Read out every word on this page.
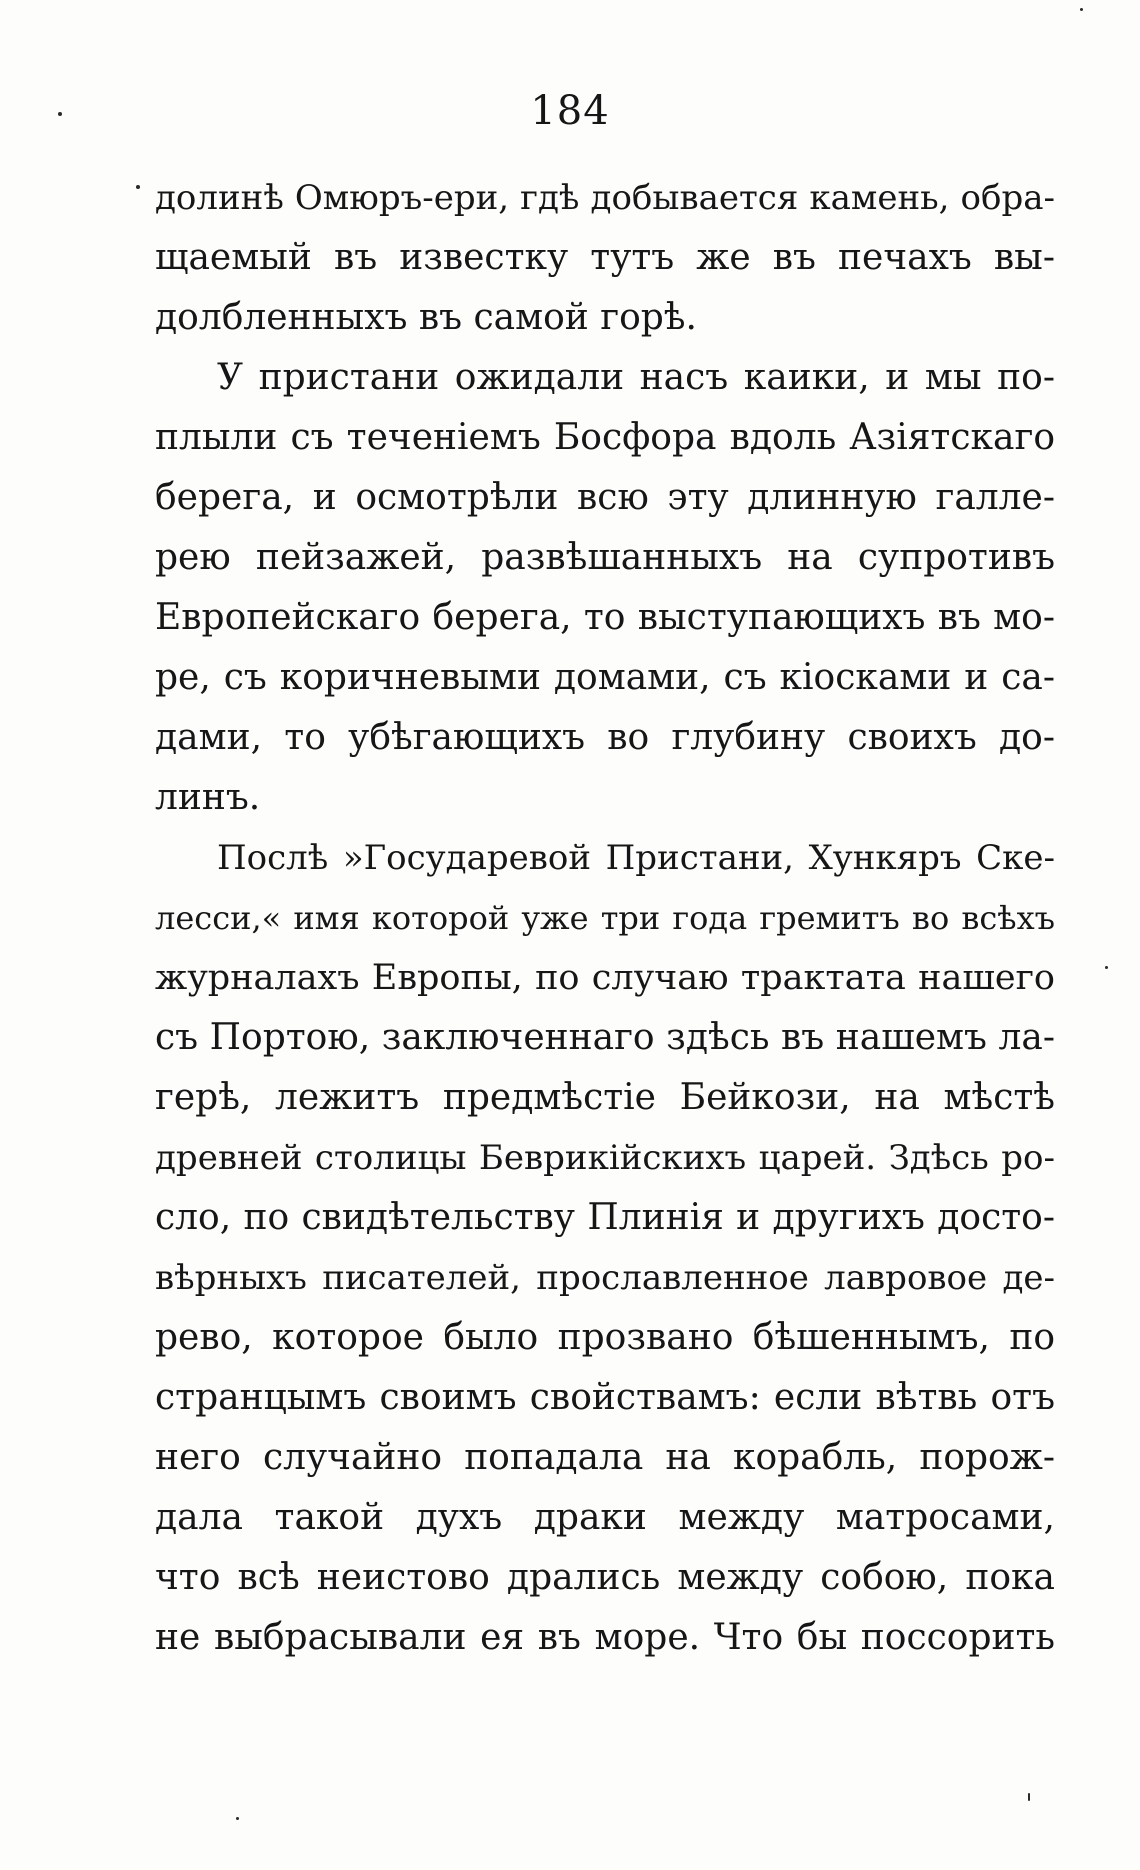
184
долинѣ Омюръ-ери, гдѣ добывается камень, обра-
щаемый въ известку тутъ же въ печахъ вы-
долбленныхъ въ самой горѣ.
У пристани ожидали насъ каики, и мы по-
плыли съ теченіемъ Босфора вдоль Азіятскаго
берега, и осмотрѣли всю эту длинную галле-
рею пейзажей, развѣшанныхъ на супротивъ
Европейскаго берега, то выступающихъ въ мо-
ре, съ коричневыми домами, съ кіосками и са-
дами, то убѣгающихъ во глубину своихъ до-
линъ.
Послѣ »Государевой Пристани, Хункяръ Ске-
лесси,« имя которой уже три года гремитъ во всѣхъ
журналахъ Европы, по случаю трактата нашего
съ Портою, заключеннаго здѣсь въ нашемъ ла-
герѣ, лежитъ предмѣстіе Бейкози, на мѣстѣ
древней столицы Беврикійскихъ царей. Здѣсь ро-
сло, по свидѣтельству Плинія и другихъ досто-
вѣрныхъ писателей, прославленное лавровое де-
рево, которое было прозвано бѣшеннымъ, по
странцымъ своимъ свойствамъ: если вѣтвь отъ
него случайно попадала на корабль, порож-
дала такой духъ драки между матросами,
что всѣ неистово дрались между собою, пока
не выбрасывали ея въ море. Что бы поссорить
